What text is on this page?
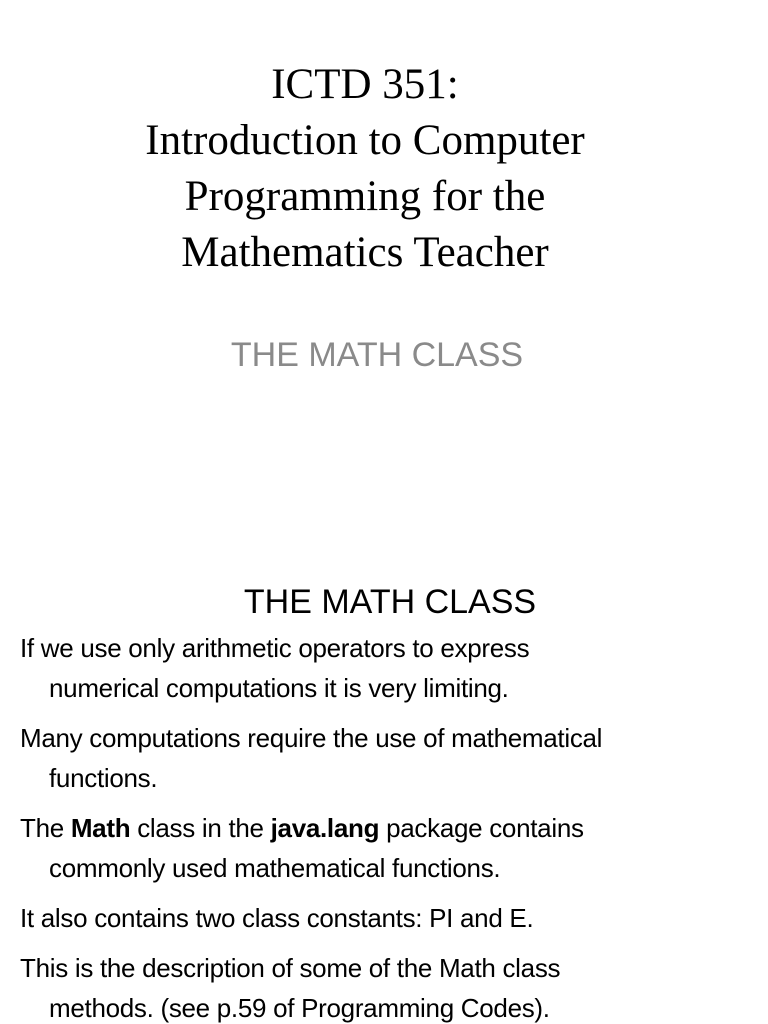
ICTD 351:
Introduction to Computer
Programming for the
Mathematics Teacher
THE MATH CLASS
THE MATH CLASS
If we use only arithmetic operators to express
numerical computations it is very limiting.
Many computations require the use of mathematical
functions.
The Math class in the java.lang package contains
commonly used mathematical functions.
It also contains two class constants: PI and E.
This is the description of some of the Math class
methods. (see p.59 of Programming Codes).
